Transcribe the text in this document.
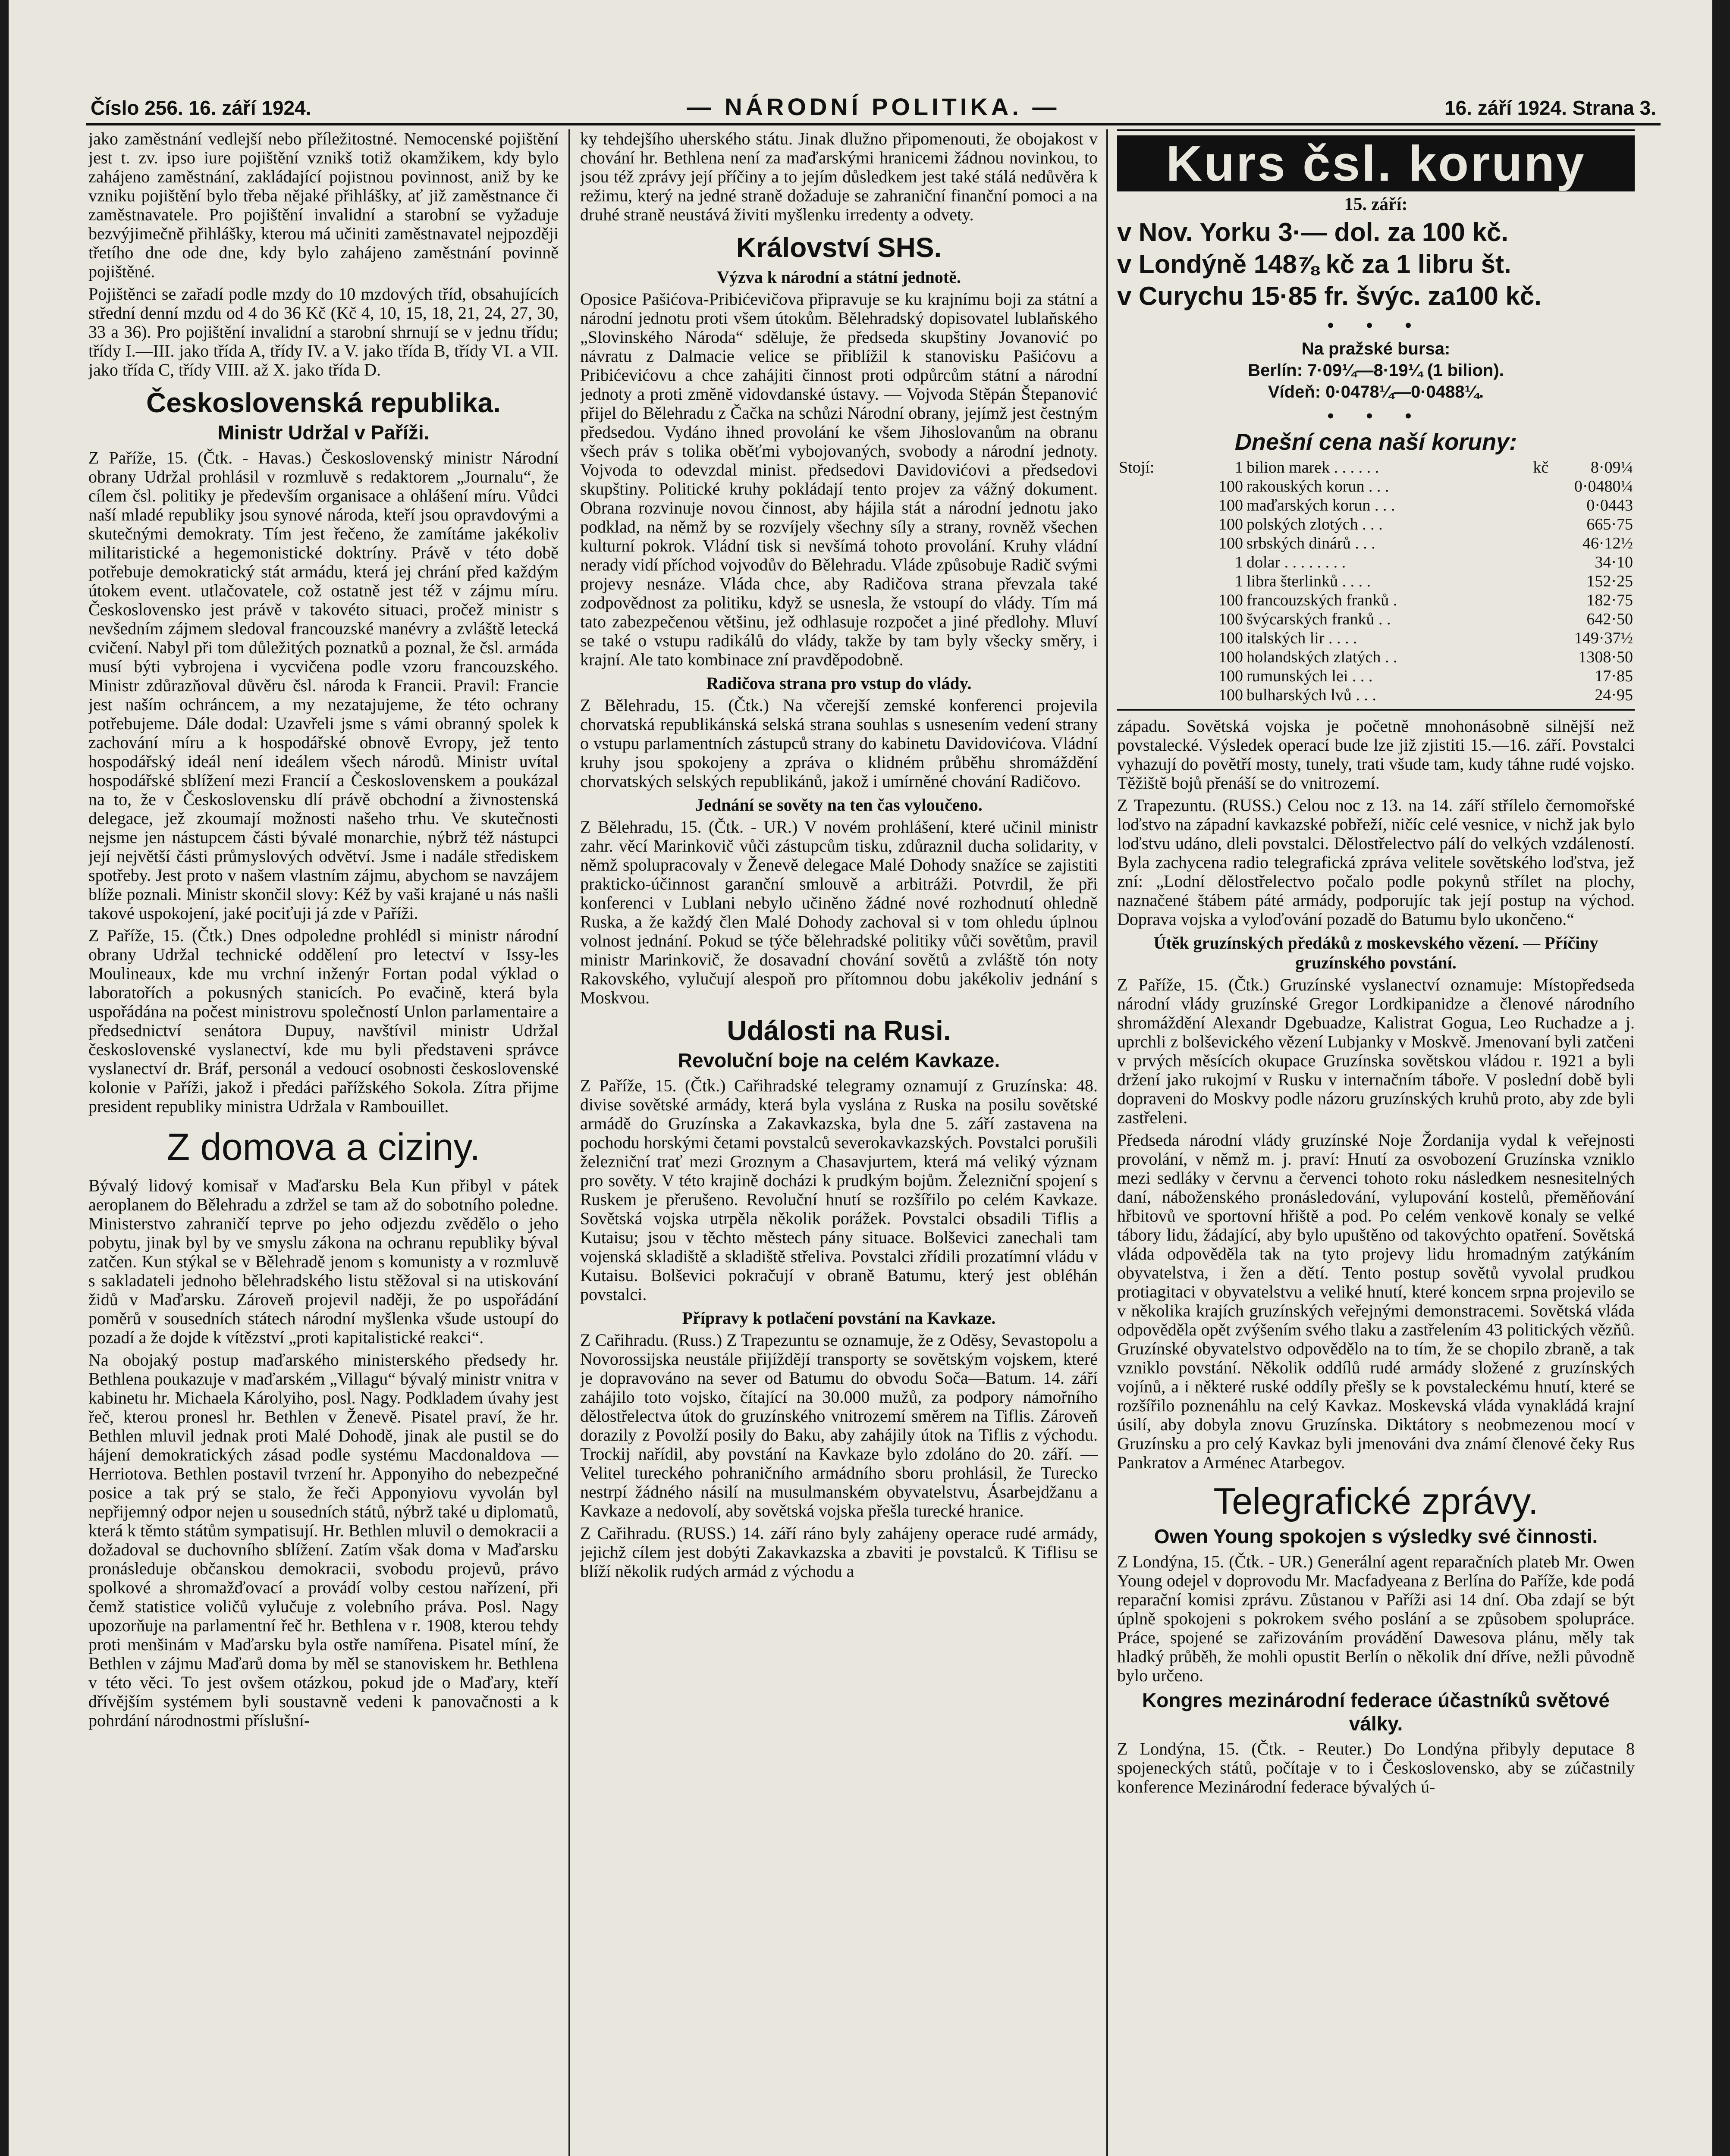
Číslo 256. 16. září 1924.	— NÁRODNÍ POLITIKA. —	16. září 1924. Strana 3.

jako zaměstnání vedlejší nebo příležitostné. Nemocenské pojištění jest t. zv. ipso iure pojištění vznikš totiž okamžikem, kdy bylo zahájeno zaměstnání, zakládající pojistnou povinnost, aniž by ke vzniku pojištění bylo třeba nějaké přihlášky, ať již zaměstnance či zaměstnavatele. Pro pojištění invalidní a starobní se vyžaduje bezvýjimečně přihlášky, kterou má učiniti zaměstnavatel nejpozději třetího dne ode dne, kdy bylo zahájeno zaměstnání povinně pojištěné.

Pojištěnci se zařadí podle mzdy do 10 mzdových tříd, obsahujících střední denní mzdu od 4 do 36 Kč (Kč 4, 10, 15, 18, 21, 24, 27, 30, 33 a 36). Pro pojištění invalidní a starobní shrnují se v jednu třídu; třídy I.—III. jako třída A, třídy IV. a V. jako třída B, třídy VI. a VII. jako třída C, třídy VIII. až X. jako třída D.

Československá republika.
Ministr Udržal v Paříži.

Z Paříže, 15. (Čtk. - Havas.) Československý ministr Národní obrany Udržal prohlásil v rozmluvě s redaktorem „Journalu“, že cílem čsl. politiky je především organisace a ohlášení míru. Vůdci naší mladé republiky jsou synové národa, kteří jsou opravdovými a skutečnými demokraty. Tím jest řečeno, že zamítáme jakékoliv militaristické a hegemonistické doktríny. Právě v této době potřebuje demokratický stát armádu, která jej chrání před každým útokem event. utlačovatele, což ostatně jest též v zájmu míru. Československo jest právě v takovéto situaci, pročež ministr s nevšedním zájmem sledoval francouzské manévry a zvláště letecká cvičení. Nabyl při tom důležitých poznatků a poznal, že čsl. armáda musí býti vybrojena i vycvičena podle vzoru francouzského. Ministr zdůrazňoval důvěru čsl. národa k Francii. Pravil: Francie jest naším ochráncem, a my nezatajujeme, že této ochrany potřebujeme. Dále dodal: Uzavřeli jsme s vámi obranný spolek k zachování míru a k hospodářské obnově Evropy, jež tento hospodářský ideál není ideálem všech národů. Ministr uvítal hospodářské sblížení mezi Francií a Československem a poukázal na to, že v Československu dlí právě obchodní a živnostenská delegace, jež zkoumají možnosti našeho trhu. Ve skutečnosti nejsme jen nástupcem části bývalé monarchie, nýbrž též nástupci její největší části průmyslových odvětví. Jsme i nadále střediskem spotřeby. Jest proto v našem vlastním zájmu, abychom se navzájem blíže poznali. Ministr skončil slovy: Kéž by vaši krajané u nás našli takové uspokojení, jaké pociťuji já zde v Paříži.

Z Paříže, 15. (Čtk.) Dnes odpoledne prohlédl si ministr národní obrany Udržal technické oddělení pro letectví v Issy-les Moulineaux, kde mu vrchní inženýr Fortan podal výklad o laboratořích a pokusných stanicích. Po evačině, která byla uspořádána na počest ministrovu společností Unlon parlamentaire a předsednictví senátora Dupuy, navštívil ministr Udržal československé vyslanectví, kde mu byli představeni správce vyslanectví dr. Bráf, personál a vedoucí osobnosti československé kolonie v Paříži, jakož i předáci pařížského Sokola. Zítra přijme president republiky ministra Udržala v Rambouillet.

Z domova a ciziny.

Bývalý lidový komisař v Maďarsku Bela Kun přibyl v pátek aeroplanem do Bělehradu a zdržel se tam až do sobotního poledne. Ministerstvo zahraničí teprve po jeho odjezdu zvědělo o jeho pobytu, jinak byl by ve smyslu zákona na ochranu republiky býval zatčen. Kun stýkal se v Bělehradě jenom s komunisty a v rozmluvě s sakladateli jednoho bělehradského listu stěžoval si na utiskování židů v Maďarsku. Zároveň projevil naději, že po uspořádání poměrů v sousedních státech národní myšlenka všude ustoupí do pozadí a že dojde k vítězství „proti kapitalistické reakci“.

Na obojaký postup maďarského ministerského předsedy hr. Bethlena poukazuje v maďarském „Villagu“ bývalý ministr vnitra v kabinetu hr. Michaela Károlyiho, posl. Nagy. Podkladem úvahy jest řeč, kterou pronesl hr. Bethlen v Ženevě. Pisatel praví, že hr. Bethlen mluvil jednak proti Malé Dohodě, jinak ale pustil se do hájení demokratických zásad podle systému Macdonaldova — Herriotova. Bethlen postavil tvrzení hr. Apponyiho do nebezpečné posice a tak prý se stalo, že řeči Apponyiovu vyvolán byl nepřijemný odpor nejen u sousedních států, nýbrž také u diplomatů, která k těmto státům sympatisují. Hr. Bethlen mluvil o demokracii a dožadoval se duchovního sblížení. Zatím však doma v Maďarsku pronásleduje občanskou demokracii, svobodu projevů, právo spolkové a shromažďovací a provádí volby cestou nařízení, při čemž statistice voličů vylučuje z volebního práva. Posl. Nagy upozorňuje na parlamentní řeč hr. Bethlena v r. 1908, kterou tehdy proti menšinám v Maďarsku byla ostře namířena. Pisatel míní, že Bethlen v zájmu Maďarů doma by měl se stanoviskem hr. Bethlena v této věci. To jest ovšem otázkou, pokud jde o Maďary, kteří dřívějším systémem byli soustavně vedeni k panovačnosti a k pohrdání národnostmi příslušní-

ky tehdejšího uherského státu. Jinak dlužno připomenouti, že obojakost v chování hr. Bethlena není za maďarskými hranicemi žádnou novinkou, to jsou též zprávy její příčiny a to jejím důsledkem jest také stálá nedůvěra k režimu, který na jedné straně dožaduje se zahraniční finanční pomoci a na druhé straně neustává živiti myšlenku irredenty a odvety.

Království SHS.
Výzva k národní a státní jednotě.

Oposice Pašićova-Pribićevičova připravuje se ku krajnímu boji za státní a národní jednotu proti všem útokům. Bělehradský dopisovatel lublaňského „Slovinského Národa“ sděluje, že předseda skupštiny Jovanović po návratu z Dalmacie velice se přiblížil k stanovisku Pašićovu a Pribićevićovu a chce zahájiti činnost proti odpůrcům státní a národní jednoty a proti změně vidovdanské ústavy. — Vojvoda Stěpán Štepanović přijel do Bělehradu z Čačka na schůzi Národní obrany, jejímž jest čestným předsedou. Vydáno ihned provolání ke všem Jihoslovanům na obranu všech práv s tolika oběťmi vybojovaných, svobody a národní jednoty. Vojvoda to odevzdal minist. předsedovi Davidovićovi a předsedovi skupštiny. Politické kruhy pokládají tento projev za vážný dokument. Obrana rozvinuje novou činnost, aby hájila stát a národní jednotu jako podklad, na němž by se rozvíjely všechny síly a strany, rovněž všechen kulturní pokrok. Vládní tisk si nevšímá tohoto provolání. Kruhy vládní nerady vidí příchod vojvodův do Bělehradu. Vláde způsobuje Radič svými projevy nesnáze. Vláda chce, aby Radičova strana převzala také zodpovědnost za politiku, když se usnesla, že vstoupí do vlády. Tím má tato zabezpečenou většinu, jež odhlasuje rozpočet a jiné předlohy. Mluví se také o vstupu radikálů do vlády, takže by tam byly všecky směry, i krajní. Ale tato kombinace zní pravděpodobně.

Radičova strana pro vstup do vlády.

Z Bělehradu, 15. (Čtk.) Na včerejší zemské konferenci projevila chorvatská republikánská selská strana souhlas s usnesením vedení strany o vstupu parlamentních zástupců strany do kabinetu Davidovićova. Vládní kruhy jsou spokojeny a zpráva o klidném průběhu shromáždění chorvatských selských republikánů, jakož i umírněné chování Radičovo.

Jednání se sověty na ten čas vyloučeno.

Z Bělehradu, 15. (Čtk. - UR.) V novém prohlášení, které učinil ministr zahr. věcí Marinkovič vůči zástupcům tisku, zdůraznil ducha solidarity, v němž spolupracovaly v Ženevě delegace Malé Dohody snažíce se zajistiti prakticko-účinnost garanční smlouvě a arbitráži. Potvrdil, že při konferenci v Lublani nebylo učiněno žádné nové rozhodnutí ohledně Ruska, a že každý člen Malé Dohody zachoval si v tom ohledu úplnou volnost jednání. Pokud se týče bělehradské politiky vůči sovětům, pravil ministr Marinkovič, že dosavadní chování sovětů a zvláště tón noty Rakovského, vylučují alespoň pro přítomnou dobu jakékoliv jednání s Moskvou.

Události na Rusi.
Revoluční boje na celém Kavkaze.

Z Paříže, 15. (Čtk.) Cařihradské telegramy oznamují z Gruzínska: 48. divise sovětské armády, která byla vyslána z Ruska na posilu sovětské armádě do Gruzínska a Zakavkazska, byla dne 5. září zastavena na pochodu horskými četami povstalců severokavkazských. Povstalci porušili železniční trať mezi Groznym a Chasavjurtem, která má veliký význam pro sověty. V této krajině docházi k prudkým bojům. Železniční spojení s Ruskem je přerušeno. Revoluční hnutí se rozšířilo po celém Kavkaze. Sovětská vojska utrpěla několik porážek. Povstalci obsadili Tiflis a Kutaisu; jsou v těchto městech pány situace. Bolševici zanechali tam vojenská skladiště a skladiště střeliva. Povstalci zřídili prozatímní vládu v Kutaisu. Bolševici pokračují v obraně Batumu, který jest obléhán povstalci.

Přípravy k potlačení povstání na Kavkaze.

Z Cařihradu. (Russ.) Z Trapezuntu se oznamuje, že z Oděsy, Sevastopolu a Novorossijska neustále přijíždějí transporty se sovětským vojskem, které je dopravováno na sever od Batumu do obvodu Soča—Batum. 14. září zahájilo toto vojsko, čítající na 30.000 mužů, za podpory námořního dělostřelectva útok do gruzínského vnitrozemí směrem na Tiflis. Zároveň dorazily z Povolží posily do Baku, aby zahájily útok na Tiflis z východu. Trockij nařídil, aby povstání na Kavkaze bylo zdoláno do 20. září. — Velitel tureckého pohraničního armádního sboru prohlásil, že Turecko nestrpí žádného násilí na musulmanském obyvatelstvu, Ásarbejdžanu a Kavkaze a nedovolí, aby sovětská vojska přešla turecké hranice.

Z Cařihradu. (RUSS.) 14. září ráno byly zahájeny operace rudé armády, jejichž cílem jest dobýti Zakavkazska a zbaviti je povstalců. K Tiflisu se blíží několik rudých armád z východu a

Kurs čsl. koruny
15. září:
v Nov. Yorku 3·— dol. za 100 kč.
v Londýně 148⅞ kč za 1 libru št.
v Curychu 15·85 fr. švýc. za100 kč.
• • •
Na pražské bursa:
Berlín: 7·09¼—8·19¼ (1 bilion).
Vídeň: 0·0478¼—0·0488¼.
• • •
Dnešní cena naší koruny:
Stojí:	1	bilion marek . . . . . .	kč	8·09¼
	100	rakouských korun . . .		0·0480¼
	100	maďarských korun . . .		0·0443
	100	polských zlotých . . .		665·75
	100	srbských dinárů . . .		46·12½
	1	dolar . . . . . . . .		34·10
	1	libra šterlinků . . . .		152·25
	100	francouzských franků .		182·75
	100	švýcarských franků . .		642·50
	100	italských lir . . . .		149·37½
	100	holandských zlatých . .		1308·50
	100	rumunských lei . . .		17·85
	100	bulharských lvů . . .		24·95

západu. Sovětská vojska je početně mnohonásobně silnější než povstalecké. Výsledek operací bude lze již zjistiti 15.—16. září. Povstalci vyhazují do povětří mosty, tunely, trati všude tam, kudy táhne rudé vojsko. Těžiště bojů přenáší se do vnitrozemí.

Z Trapezuntu. (RUSS.) Celou noc z 13. na 14. září střílelo černomořské loďstvo na západní kavkazské pobřeží, ničíc celé vesnice, v nichž jak bylo loďstvu udáno, dleli povstalci. Dělostřelectvo pálí do velkých vzdáleností. Byla zachycena radio telegrafická zpráva velitele sovětského loďstva, jež zní: „Lodní dělostřelectvo počalo podle pokynů střílet na plochy, naznačené štábem páté armády, podporujíc tak její postup na východ. Doprava vojska a vyloďování pozadě do Batumu bylo ukončeno.“

Útěk gruzínských předáků z moskevského vězení. — Příčiny gruzínského povstání.

Z Paříže, 15. (Čtk.) Gruzínské vyslanectví oznamuje: Místopředseda národní vlády gruzínské Gregor Lordkipanidze a členové národního shromáždění Alexandr Dgebuadze, Kalistrat Gogua, Leo Ruchadze a j. uprchli z bolševického vězení Lubjanky v Moskvě. Jmenovaní byli zatčeni v prvých měsících okupace Gruzínska sovětskou vládou r. 1921 a byli držení jako rukojmí v Rusku v internačním táboře. V poslední době byli dopraveni do Moskvy podle názoru gruzínských kruhů proto, aby zde byli zastřeleni.

Předseda národní vlády gruzínské Noje Žordanija vydal k veřejnosti provolání, v němž m. j. praví: Hnutí za osvobození Gruzínska vzniklo mezi sedláky v červnu a červenci tohoto roku následkem nesnesitelných daní, náboženského pronásledování, vylupování kostelů, přeměňování hřbitovů ve sportovní hřiště a pod. Po celém venkově konaly se velké tábory lidu, žádající, aby bylo upuštěno od takovýchto opatření. Sovětská vláda odpověděla tak na tyto projevy lidu hromadným zatýkáním obyvatelstva, i žen a dětí. Tento postup sovětů vyvolal prudkou protiagitaci v obyvatelstvu a veliké hnutí, které koncem srpna projevilo se v několika krajích gruzínských veřejnými demonstracemi. Sovětská vláda odpověděla opět zvýšením svého tlaku a zastřelením 43 politických vězňů. Gruzínské obyvatelstvo odpovědělo na to tím, že se chopilo zbraně, a tak vzniklo povstání. Několik oddílů rudé armády složené z gruzínských vojínů, a i některé ruské oddíly přešly se k povstaleckému hnutí, které se rozšířilo poznenáhlu na celý Kavkaz. Moskevská vláda vynakládá krajní úsilí, aby dobyla znovu Gruzínska. Diktátory s neobmezenou mocí v Gruzínsku a pro celý Kavkaz byli jmenováni dva známí členové čeky Rus Pankratov a Arménec Atarbegov.

Telegrafické zprávy.
Owen Young spokojen s výsledky své činnosti.

Z Londýna, 15. (Čtk. - UR.) Generální agent reparačních plateb Mr. Owen Young odejel v doprovodu Mr. Macfadyeana z Berlína do Paříže, kde podá reparační komisi zprávu. Zůstanou v Paříži asi 14 dní. Oba zdají se být úplně spokojeni s pokrokem svého poslání a se způsobem spolupráce. Práce, spojené se zařizováním provádění Dawesova plánu, měly tak hladký průběh, že mohli opustit Berlín o několik dní dříve, nežli původně bylo určeno.

Kongres mezinárodní federace účastníků světové války.

Z Londýna, 15. (Čtk. - Reuter.) Do Londýna přibyly deputace 8 spojeneckých států, počítaje v to i Československo, aby se zúčastnily konference Mezinárodní federace bývalých ú-
